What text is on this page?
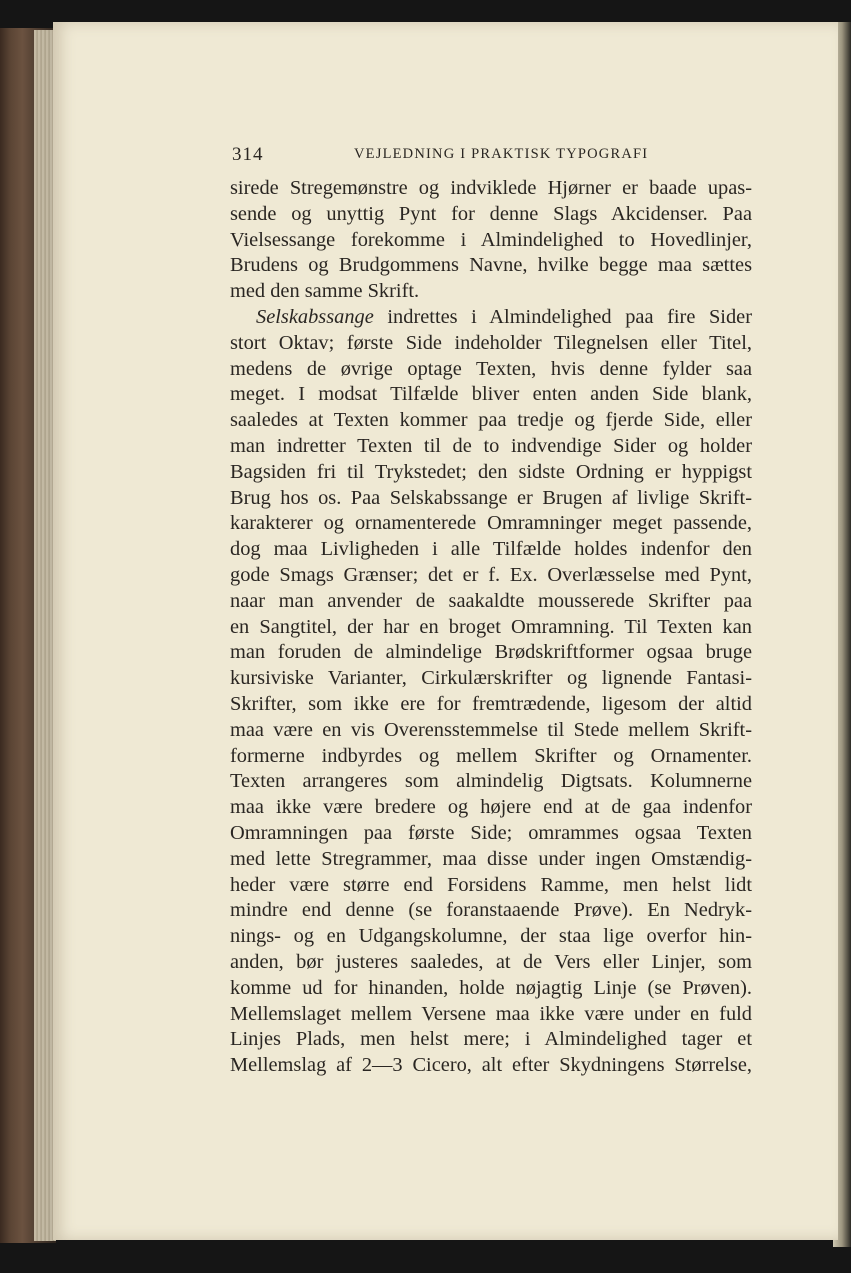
314	VEJLEDNING I PRAKTISK TYPOGRAFI
sirede Stregemønstre og indviklede Hjørner er baade upas-
sende og unyttig Pynt for denne Slags Akcidenser. Paa
Vielsessange forekomme i Almindelighed to Hovedlinjer,
Brudens og Brudgommens Navne, hvilke begge maa sættes
med den samme Skrift.
Selskabssange indrettes i Almindelighed paa fire Sider
stort Oktav; første Side indeholder Tilegnelsen eller Titel,
medens de øvrige optage Texten, hvis denne fylder saa
meget. I modsat Tilfælde bliver enten anden Side blank,
saaledes at Texten kommer paa tredje og fjerde Side, eller
man indretter Texten til de to indvendige Sider og holder
Bagsiden fri til Trykstedet; den sidste Ordning er hyppigst
Brug hos os. Paa Selskabssange er Brugen af livlige Skrift-
karakterer og ornamenterede Omramninger meget passende,
dog maa Livligheden i alle Tilfælde holdes indenfor den
gode Smags Grænser; det er f. Ex. Overlæsselse med Pynt,
naar man anvender de saakaldte mousserede Skrifter paa
en Sangtitel, der har en broget Omramning. Til Texten kan
man foruden de almindelige Brødskriftformer ogsaa bruge
kursiviske Varianter, Cirkulærskrifter og lignende Fantasi-
Skrifter, som ikke ere for fremtrædende, ligesom der altid
maa være en vis Overensstemmelse til Stede mellem Skrift-
formerne indbyrdes og mellem Skrifter og Ornamenter.
Texten arrangeres som almindelig Digtsats. Kolumnerne
maa ikke være bredere og højere end at de gaa indenfor
Omramningen paa første Side; omrammes ogsaa Texten
med lette Stregrammer, maa disse under ingen Omstændig-
heder være større end Forsidens Ramme, men helst lidt
mindre end denne (se foranstaaende Prøve). En Nedryk-
nings- og en Udgangskolumne, der staa lige overfor hin-
anden, bør justeres saaledes, at de Vers eller Linjer, som
komme ud for hinanden, holde nøjagtig Linje (se Prøven).
Mellemslaget mellem Versene maa ikke være under en fuld
Linjes Plads, men helst mere; i Almindelighed tager et
Mellemslag af 2—3 Cicero, alt efter Skydningens Størrelse,
